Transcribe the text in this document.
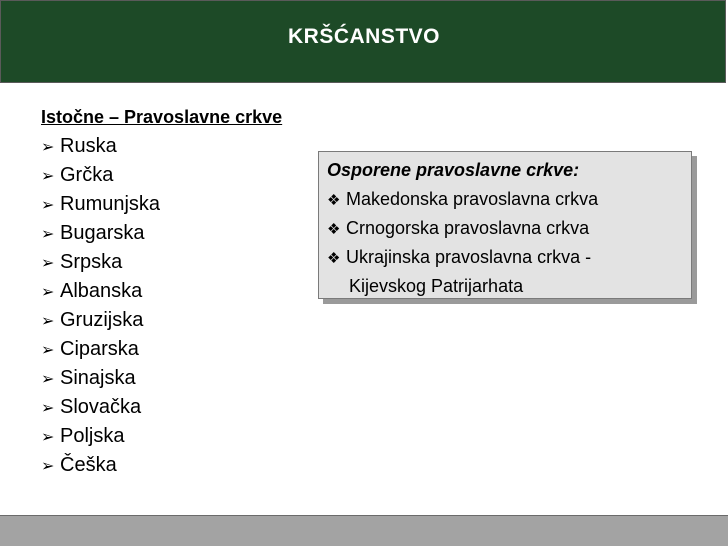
KRŠĆANSTVO
Istočne – Pravoslavne crkve
➢ Ruska
➢ Grčka
➢ Rumunjska
➢ Bugarska
➢ Srpska
➢ Albanska
➢ Gruzijska
➢ Ciparska
➢ Sinajska
➢ Slovačka
➢ Poljska
➢ Češka
Osporene pravoslavne crkve:
❖ Makedonska pravoslavna crkva
❖ Crnogorska pravoslavna crkva
❖ Ukrajinska pravoslavna crkva -
Kijevskog Patrijarhata
